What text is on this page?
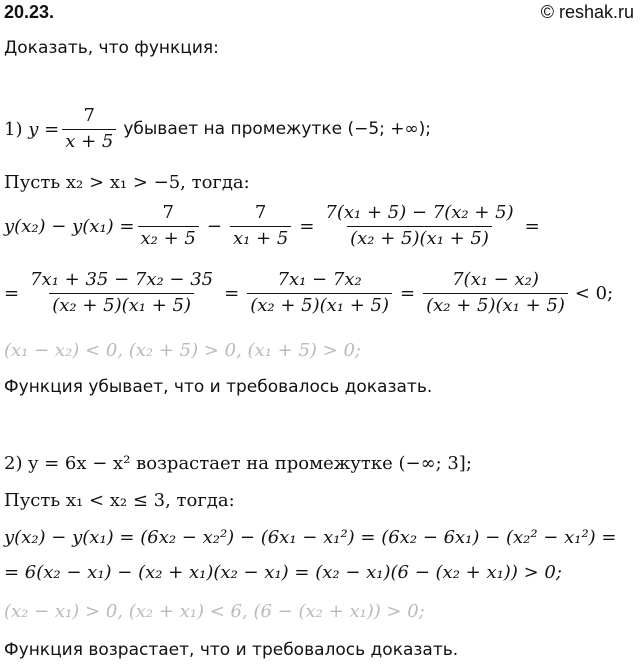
20.23.	© reshak.ru
Доказать, что функция:
1)
$y = \frac{7}{x + 5}$ убывает на промежутке (−5; +∞);
Пусть x₂ > x₁ > −5, тогда:
$y(x_2) - y(x_1) = \frac{7}{\text{x₂ + 5}} - \frac{7}{\text{x₁ + 5}} = \frac{\text{7(x₁ + 5) − 7(x₂ + 5)}}{\text{(x₂ + 5)(x₁ + 5)}}$ =
= $\frac{\text{7x₁ + 35 − 7x₂ − 35}}{\text{(x₂ + 5)(x₁ + 5)}} = \frac{\text{7x₁ − 7x₂}}{\text{(x₂ + 5)(x₁ + 5)}} = \frac{\text{7(x₁ − x₂)}}{\text{(x₂ + 5)(x₁ + 5)}} < 0$;
(x₁ − x₂) < 0, (x₂ + 5) > 0, (x₁ + 5) > 0;
Функция убывает, что и требовалось доказать.
2)
y = 6x − x² возрастает на промежутке (−∞; 3];
Пусть x₁ < x₂ ≤ 3, тогда:
y(x₂) − y(x₁) = (6x₂ − x₂²) − (6x₁ − x₁²) = (6x₂ − 6x₁) − (x₂² − x₁²) =
= 6(x₂ − x₁) − (x₂ + x₁)(x₂ − x₁) = (x₂ − x₁)(6 − (x₂ + x₁)) > 0;
(x₂ − x₁) > 0, (x₂ + x₁) < 6, (6 − (x₂ + x₁)) > 0;
Функция возрастает, что и требовалось доказать.
